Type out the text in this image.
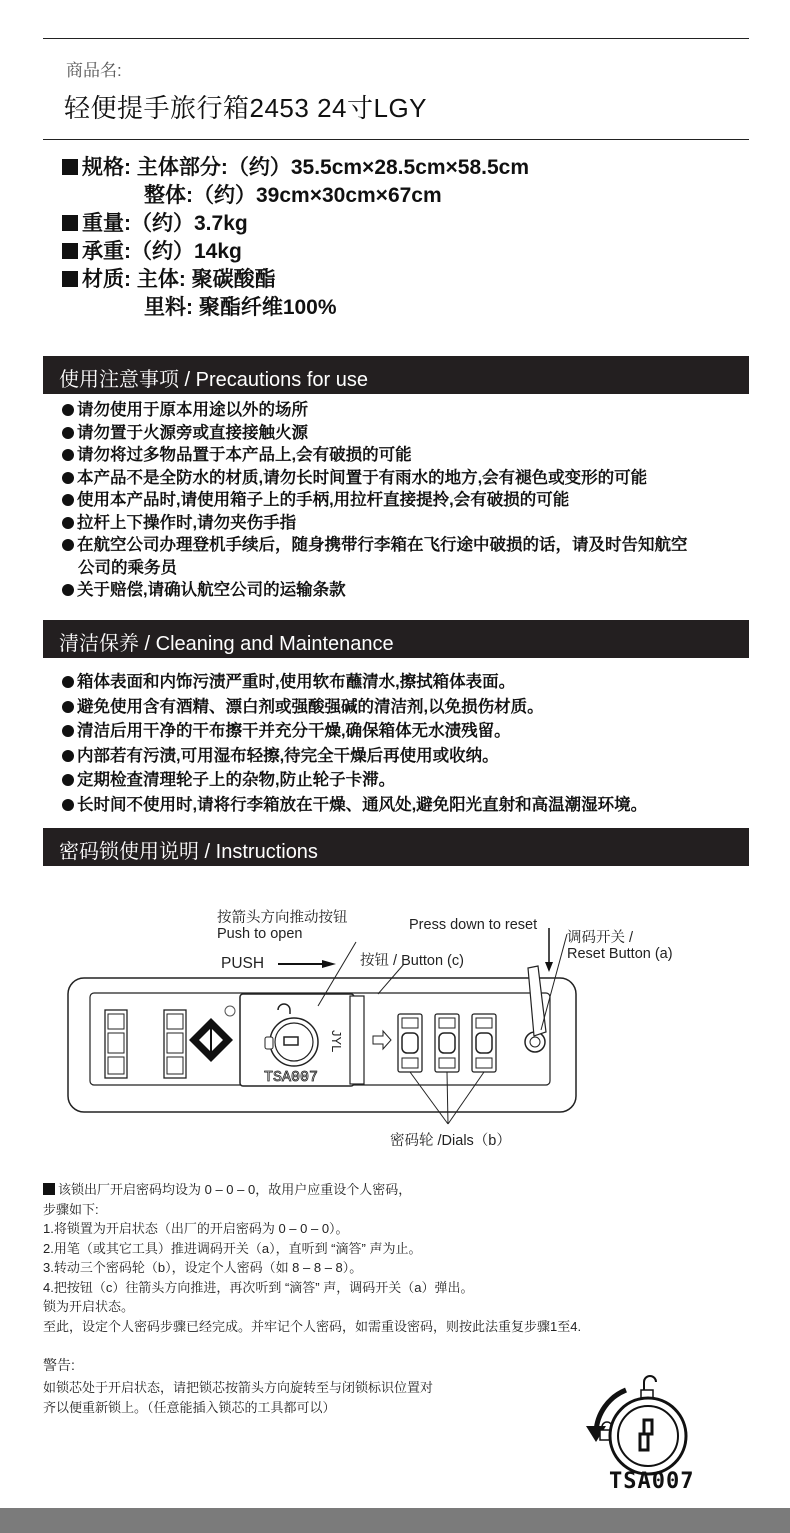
商品名:
轻便提手旅行箱2453 24寸LGY
规格: 主体部分:（约）35.5cm×28.5cm×58.5cm
整体:（约）39cm×30cm×67cm
重量:（约）3.7kg
承重:（约）14kg
材质: 主体: 聚碳酸酯
里料: 聚酯纤维100%
使用注意事项 / Precautions for use
请勿使用于原本用途以外的场所
请勿置于火源旁或直接接触火源
请勿将过多物品置于本产品上,会有破损的可能
本产品不是全防水的材质,请勿长时间置于有雨水的地方,会有褪色或变形的可能
使用本产品时,请使用箱子上的手柄,用拉杆直接提拎,会有破损的可能
拉杆上下操作时,请勿夹伤手指
在航空公司办理登机手续后，随身携带行李箱在飞行途中破损的话，请及时告知航空
公司的乘务员
关于赔偿,请确认航空公司的运输条款
清洁保养 / Cleaning and Maintenance
箱体表面和内饰污渍严重时,使用软布蘸清水,擦拭箱体表面。
避免使用含有酒精、漂白剂或强酸强碱的清洁剂,以免损伤材质。
清洁后用干净的干布擦干并充分干燥,确保箱体无水渍残留。
内部若有污渍,可用湿布轻擦,待完全干燥后再使用或收纳。
定期检查清理轮子上的杂物,防止轮子卡滞。
长时间不使用时,请将行李箱放在干燥、通风处,避免阳光直射和高温潮湿环境。
密码锁使用说明 / Instructions
按箭头方向推动按钮
Push to open
PUSH
Press down to reset
调码开关 /
Reset Button (a)
按钮 / Button (c)
密码轮 /Dials（b）
JYL
TSA007
该锁出厂开启密码均设为 0 – 0 – 0，故用户应重设个人密码，
步骤如下:
1.将锁置为开启状态（出厂的开启密码为 0 – 0 – 0）。
2.用笔（或其它工具）推进调码开关（a），直听到 “滴答” 声为止。
3.转动三个密码轮（b），设定个人密码（如 8 – 8 – 8）。
4.把按钮（c）往箭头方向推进，再次听到 “滴答” 声，调码开关（a）弹出。
锁为开启状态。
至此，设定个人密码步骤已经完成。并牢记个人密码，如需重设密码，则按此法重复步骤1至4.
警告:
如锁芯处于开启状态，请把锁芯按箭头方向旋转至与闭锁标识位置对
齐以便重新锁上。（任意能插入锁芯的工具都可以）
TSA007
